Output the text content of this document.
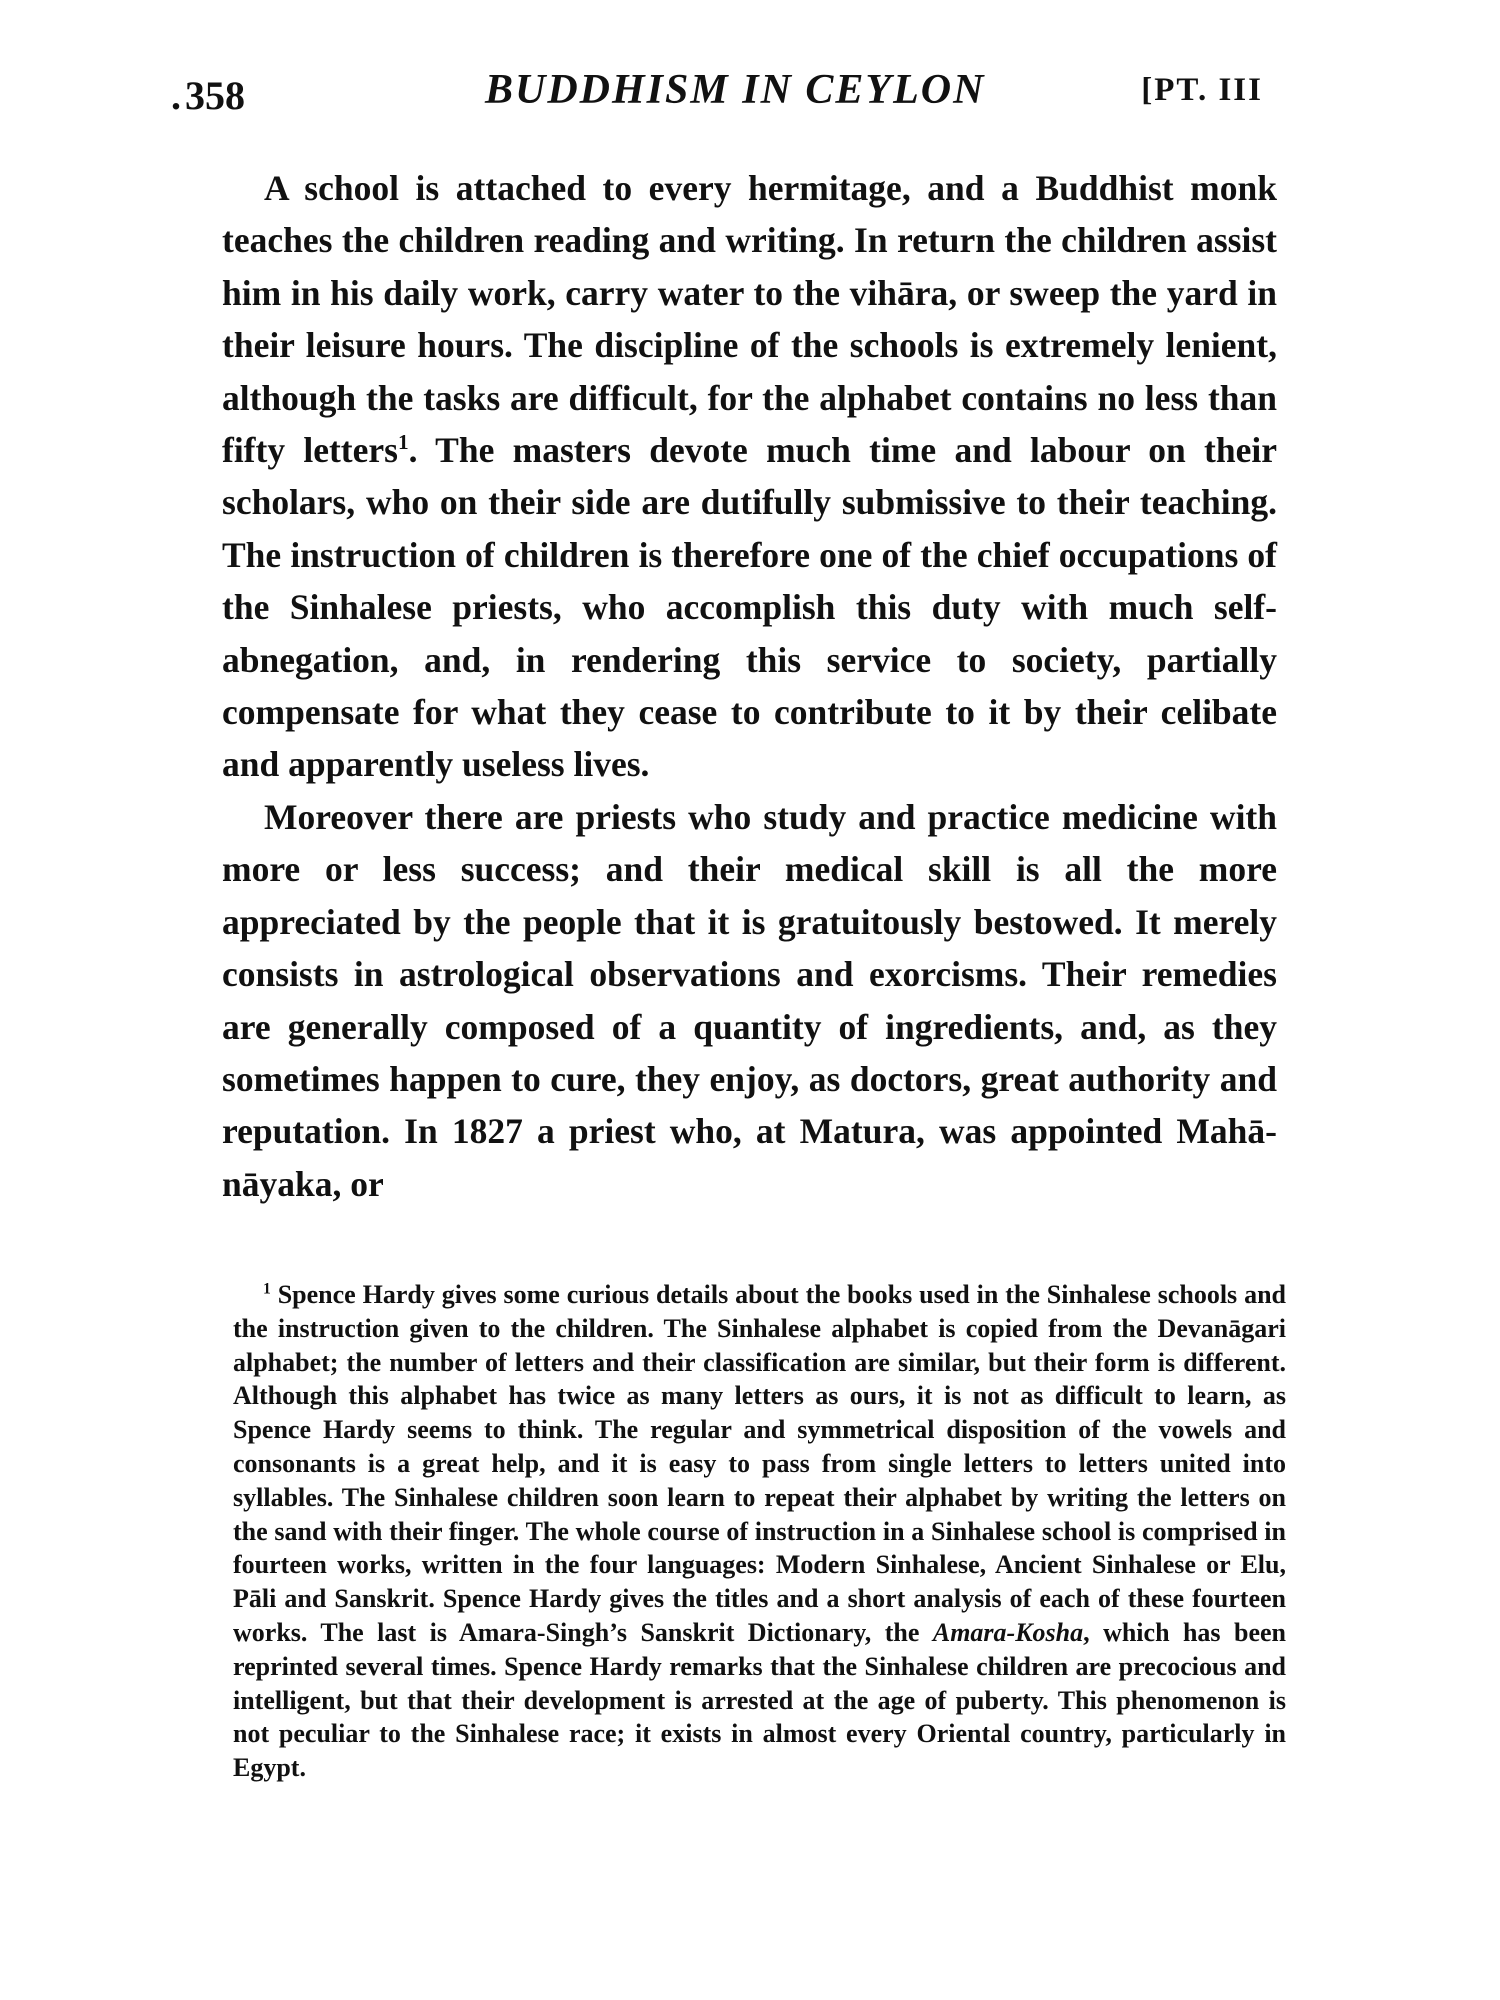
. 358	BUDDHISM IN CEYLON	[PT. III

A school is attached to every hermitage, and a Buddhist monk teaches the children reading and writing. In return the children assist him in his daily work, carry water to the vihāra, or sweep the yard in their leisure hours. The discipline of the schools is extremely lenient, although the tasks are difficult, for the alphabet contains no less than fifty letters$^1$. The masters devote much time and labour on their scholars, who on their side are dutifully submissive to their teaching. The instruction of children is therefore one of the chief occupations of the Sinhalese priests, who accomplish this duty with much self-abnegation, and, in rendering this service to society, partially compensate for what they cease to contribute to it by their celibate and apparently useless lives.

Moreover there are priests who study and practice medicine with more or less success; and their medical skill is all the more appreciated by the people that it is gratuitously bestowed. It merely consists in astrological observations and exorcisms. Their remedies are generally composed of a quantity of ingredients, and, as they sometimes happen to cure, they enjoy, as doctors, great authority and reputation. In 1827 a priest who, at Matura, was appointed Mahā-nāyaka, or

$^1$ Spence Hardy gives some curious details about the books used in the Sinhalese schools and the instruction given to the children. The Sinhalese alphabet is copied from the Devanāgari alphabet; the number of letters and their classification are similar, but their form is different. Although this alphabet has twice as many letters as ours, it is not as difficult to learn, as Spence Hardy seems to think. The regular and symmetrical disposition of the vowels and consonants is a great help, and it is easy to pass from single letters to letters united into syllables. The Sinhalese children soon learn to repeat their alphabet by writing the letters on the sand with their finger. The whole course of instruction in a Sinhalese school is comprised in fourteen works, written in the four languages: Modern Sinhalese, Ancient Sinhalese or Elu, Pāli and Sanskrit. Spence Hardy gives the titles and a short analysis of each of these fourteen works. The last is Amara-Singh’s Sanskrit Dictionary, the Amara-Kosha, which has been reprinted several times. Spence Hardy remarks that the Sinhalese children are precocious and intelligent, but that their development is arrested at the age of puberty. This phenomenon is not peculiar to the Sinhalese race; it exists in almost every Oriental country, particularly in Egypt.
